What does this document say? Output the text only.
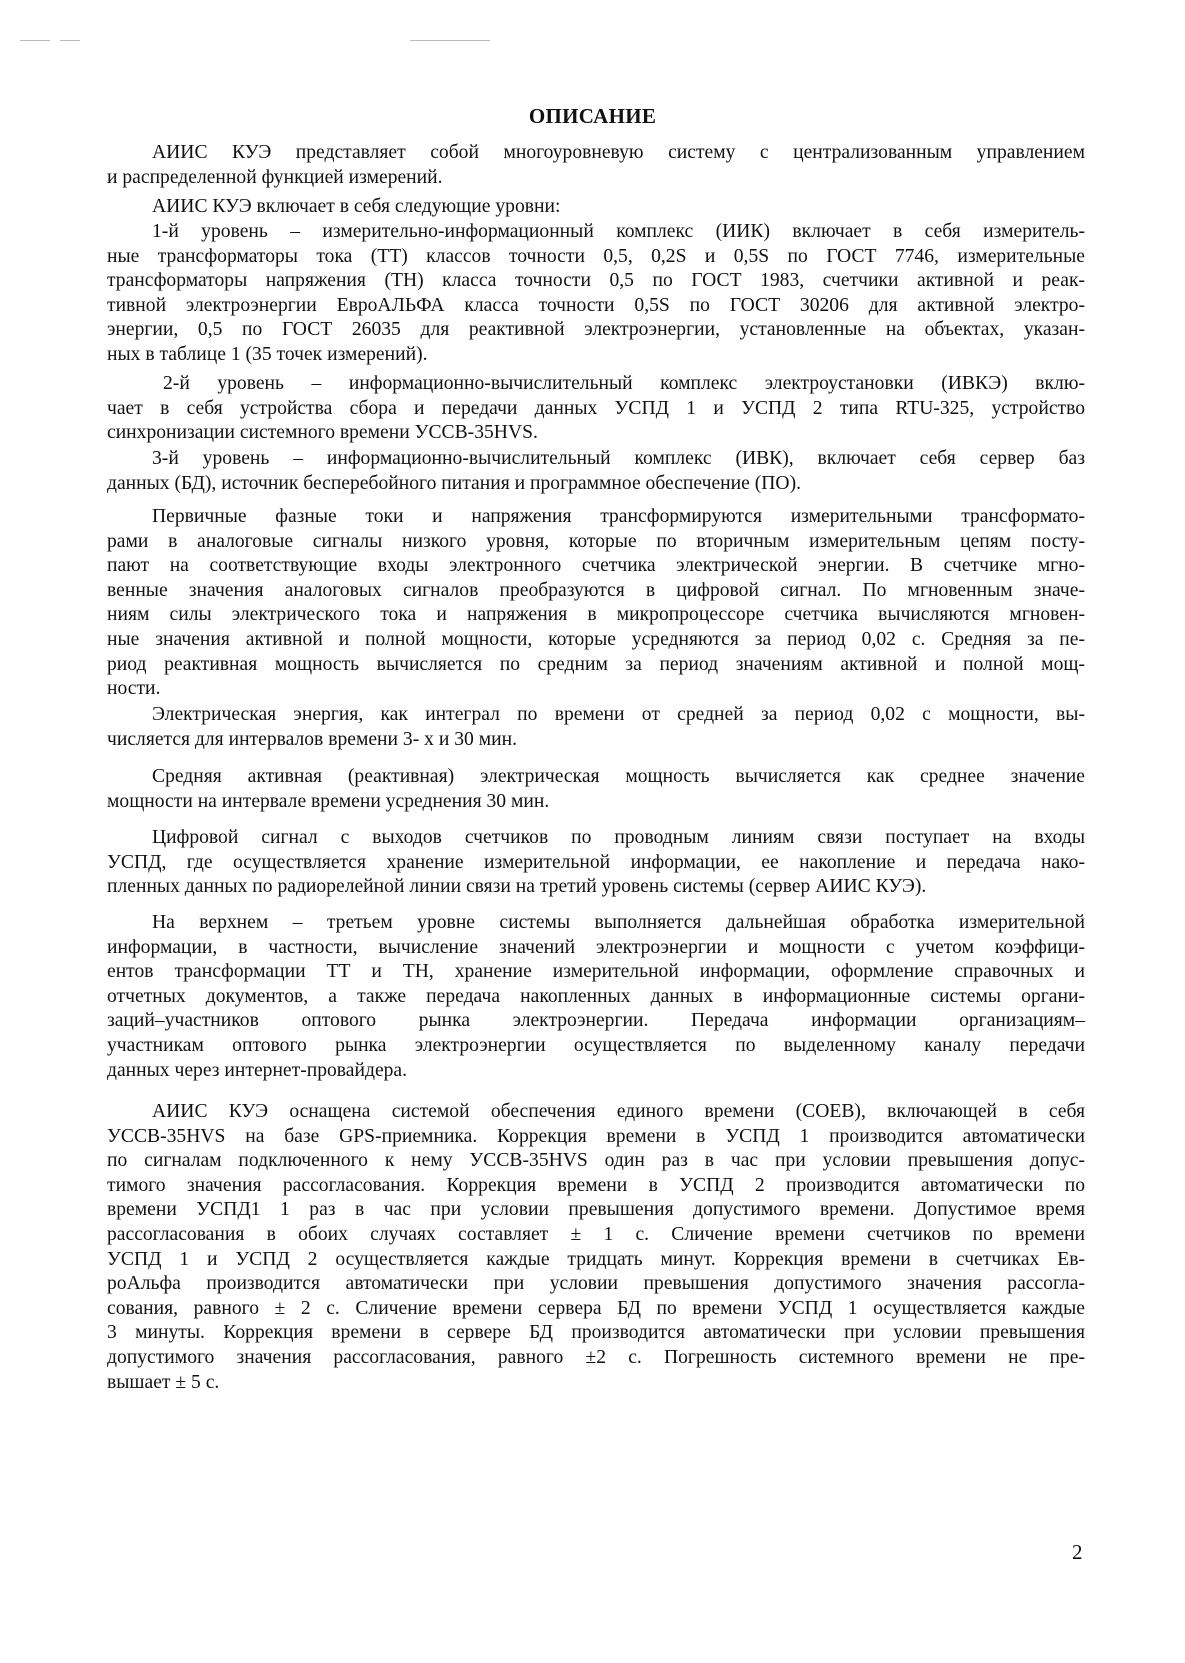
ОПИСАНИЕ
АИИС КУЭ представляет собой многоуровневую систему с централизованным управлением
и распределенной функцией измерений.
АИИС КУЭ включает в себя следующие уровни:
1-й уровень – измерительно-информационный комплекс (ИИК) включает в себя измеритель-
ные трансформаторы тока (ТТ) классов точности 0,5, 0,2S и 0,5S по ГОСТ 7746, измерительные
трансформаторы напряжения (ТН) класса точности 0,5 по ГОСТ 1983, счетчики активной и реак-
тивной электроэнергии ЕвроАЛЬФА класса точности 0,5S по ГОСТ 30206 для активной электро-
энергии, 0,5 по ГОСТ 26035 для реактивной электроэнергии, установленные на объектах, указан-
ных в таблице 1 (35 точек измерений).
2-й уровень – информационно-вычислительный комплекс электроустановки (ИВКЭ) вклю-
чает в себя устройства сбора и передачи данных УСПД 1 и УСПД 2 типа RTU-325, устройство
синхронизации системного времени УССВ-35HVS.
3-й уровень – информационно-вычислительный комплекс (ИВК), включает себя сервер баз
данных (БД), источник бесперебойного питания и программное обеспечение (ПО).
Первичные фазные токи и напряжения трансформируются измерительными трансформато-
рами в аналоговые сигналы низкого уровня, которые по вторичным измерительным цепям посту-
пают на соответствующие входы электронного счетчика электрической энергии. В счетчике мгно-
венные значения аналоговых сигналов преобразуются в цифровой сигнал. По мгновенным значе-
ниям силы электрического тока и напряжения в микропроцессоре счетчика вычисляются мгновен-
ные значения активной и полной мощности, которые усредняются за период 0,02 с. Средняя за пе-
риод реактивная мощность вычисляется по средним за период значениям активной и полной мощ-
ности.
Электрическая энергия, как интеграл по времени от средней за период 0,02 с мощности, вы-
числяется для интервалов времени 3- х и 30 мин.
Средняя активная (реактивная) электрическая мощность вычисляется как среднее значение
мощности на интервале времени усреднения 30 мин.
Цифровой сигнал с выходов счетчиков по проводным линиям связи поступает на входы
УСПД, где осуществляется хранение измерительной информации, ее накопление и передача нако-
пленных данных по радиорелейной линии связи на третий уровень системы (сервер АИИС КУЭ).
На верхнем – третьем уровне системы выполняется дальнейшая обработка измерительной
информации, в частности, вычисление значений электроэнергии и мощности с учетом коэффици-
ентов трансформации ТТ и ТН, хранение измерительной информации, оформление справочных и
отчетных документов, а также передача накопленных данных в информационные системы органи-
заций–участников оптового рынка электроэнергии. Передача информации организациям–
участникам оптового рынка электроэнергии осуществляется по выделенному каналу передачи
данных через интернет-провайдера.
АИИС КУЭ оснащена системой обеспечения единого времени (СОЕВ), включающей в себя
УССВ-35HVS на базе GPS-приемника. Коррекция времени в УСПД 1 производится автоматически
по сигналам подключенного к нему УССВ-35HVS один раз в час при условии превышения допус-
тимого значения рассогласования. Коррекция времени в УСПД 2 производится автоматически по
времени УСПД1 1 раз в час при условии превышения допустимого времени. Допустимое время
рассогласования в обоих случаях составляет ± 1 с. Сличение времени счетчиков по времени
УСПД 1 и УСПД 2 осуществляется каждые тридцать минут. Коррекция времени в счетчиках Ев-
роАльфа производится автоматически при условии превышения допустимого значения рассогла-
сования, равного ± 2 с. Сличение времени сервера БД по времени УСПД 1 осуществляется каждые
3 минуты. Коррекция времени в сервере БД производится автоматически при условии превышения
допустимого значения рассогласования, равного ±2 с. Погрешность системного времени не пре-
вышает ± 5 с.
2
